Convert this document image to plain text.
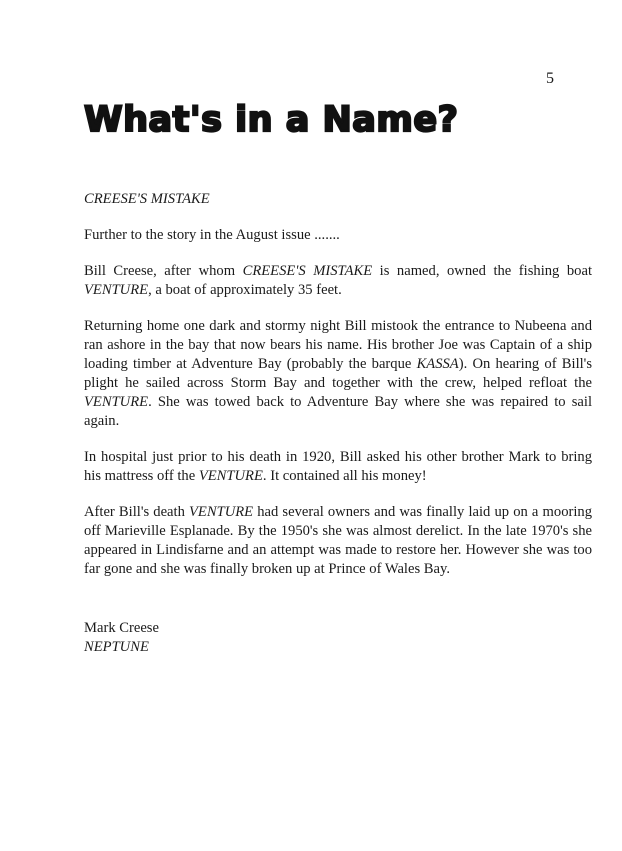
5
What's in a Name?
CREESE'S MISTAKE

Further to the story in the August issue .......

Bill Creese, after whom CREESE'S MISTAKE is named, owned the fishing boat VENTURE, a boat of approximately 35 feet.

Returning home one dark and stormy night Bill mistook the entrance to Nubeena and ran ashore in the bay that now bears his name. His brother Joe was Captain of a ship loading timber at Adventure Bay (probably the barque KASSA). On hearing of Bill's plight he sailed across Storm Bay and together with the crew, helped refloat the VENTURE. She was towed back to Adventure Bay where she was repaired to sail again.

In hospital just prior to his death in 1920, Bill asked his other brother Mark to bring his mattress off the VENTURE. It contained all his money!

After Bill's death VENTURE had several owners and was finally laid up on a mooring off Marieville Esplanade. By the 1950's she was almost derelict. In the late 1970's she appeared in Lindisfarne and an attempt was made to restore her. However she was too far gone and she was finally broken up at Prince of Wales Bay.

Mark Creese
NEPTUNE
